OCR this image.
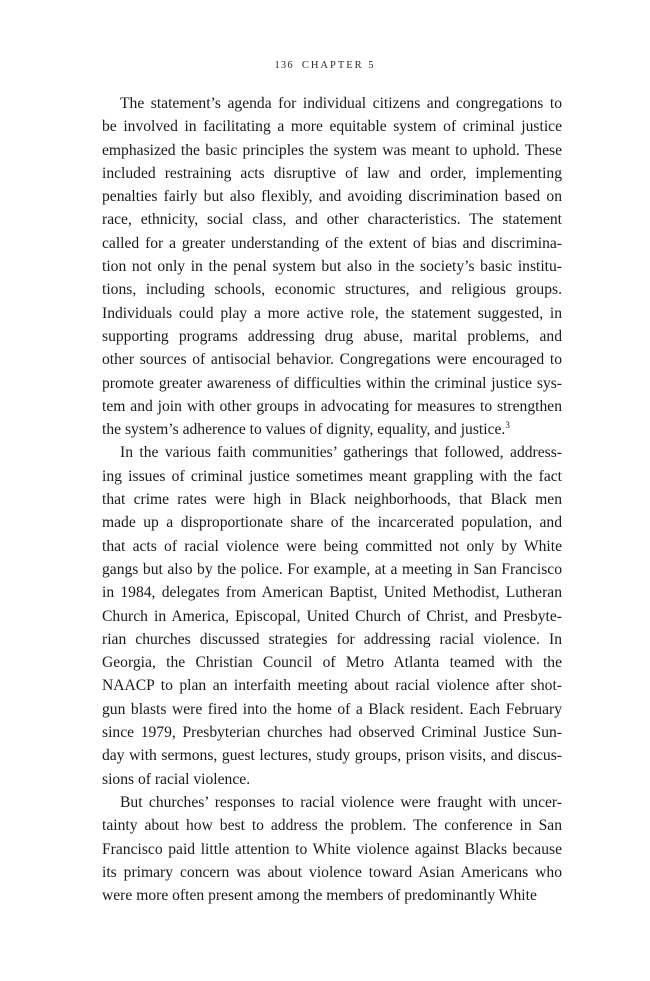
136 CHAPTER 5
The statement’s agenda for individual citizens and congregations to
be involved in facilitating a more equitable system of criminal justice
emphasized the basic principles the system was meant to uphold. These
included restraining acts disruptive of law and order, implementing
penalties fairly but also flexibly, and avoiding discrimination based on
race, ethnicity, social class, and other characteristics. The statement
called for a greater understanding of the extent of bias and discrimina-
tion not only in the penal system but also in the society’s basic institu-
tions, including schools, economic structures, and religious groups.
Individuals could play a more active role, the statement suggested, in
supporting programs addressing drug abuse, marital problems, and
other sources of antisocial behavior. Congregations were encouraged to
promote greater awareness of difficulties within the criminal justice sys-
tem and join with other groups in advocating for measures to strengthen
the system’s adherence to values of dignity, equality, and justice.$^3$
In the various faith communities’ gatherings that followed, address-
ing issues of criminal justice sometimes meant grappling with the fact
that crime rates were high in Black neighborhoods, that Black men
made up a disproportionate share of the incarcerated population, and
that acts of racial violence were being committed not only by White
gangs but also by the police. For example, at a meeting in San Francisco
in 1984, delegates from American Baptist, United Methodist, Lutheran
Church in America, Episcopal, United Church of Christ, and Presbyte-
rian churches discussed strategies for addressing racial violence. In
Georgia, the Christian Council of Metro Atlanta teamed with the
NAACP to plan an interfaith meeting about racial violence after shot-
gun blasts were fired into the home of a Black resident. Each February
since 1979, Presbyterian churches had observed Criminal Justice Sun-
day with sermons, guest lectures, study groups, prison visits, and discus-
sions of racial violence.
But churches’ responses to racial violence were fraught with uncer-
tainty about how best to address the problem. The conference in San
Francisco paid little attention to White violence against Blacks because
its primary concern was about violence toward Asian Americans who
were more often present among the members of predominantly White
